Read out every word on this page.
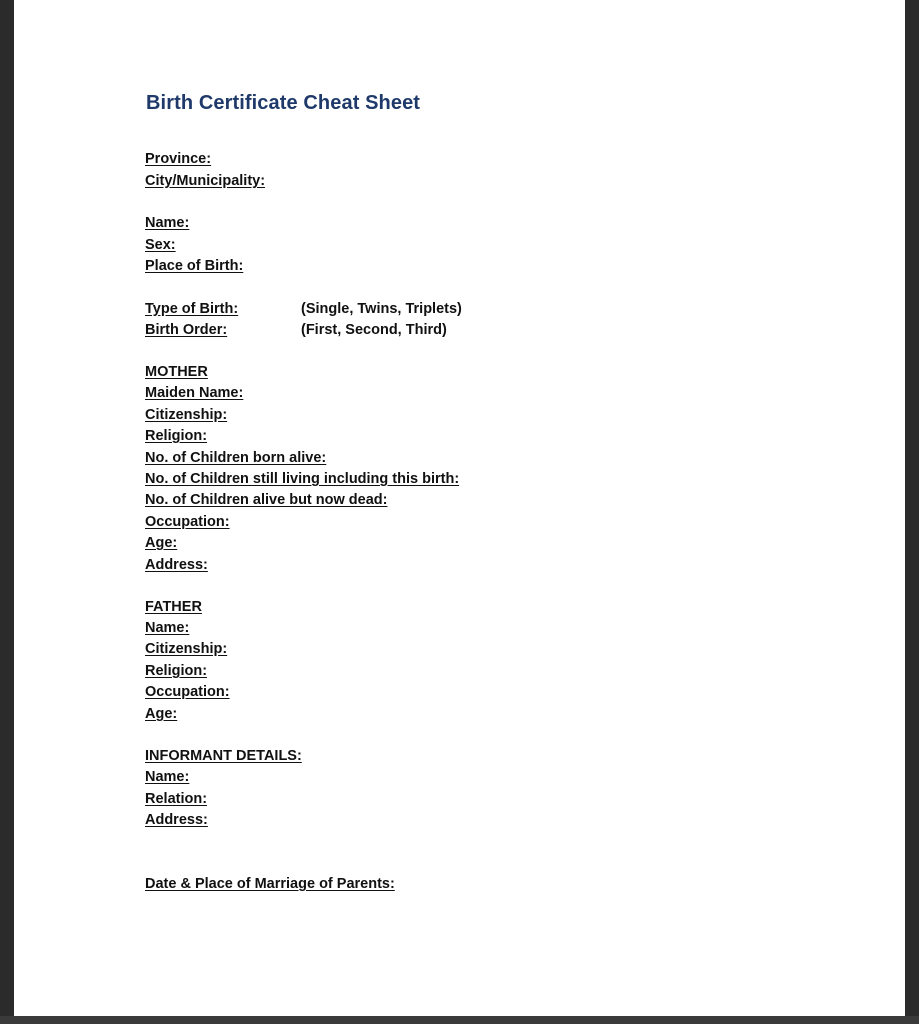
Birth Certificate Cheat Sheet
Province:
City/Municipality:
Name:
Sex:
Place of Birth:
Type of Birth:	(Single, Twins, Triplets)
Birth Order:	(First, Second, Third)
MOTHER
Maiden Name:
Citizenship:
Religion:
No. of Children born alive:
No. of Children still living including this birth:
No. of Children alive but now dead:
Occupation:
Age:
Address:
FATHER
Name:
Citizenship:
Religion:
Occupation:
Age:
INFORMANT DETAILS:
Name:
Relation:
Address:
Date & Place of Marriage of Parents:
